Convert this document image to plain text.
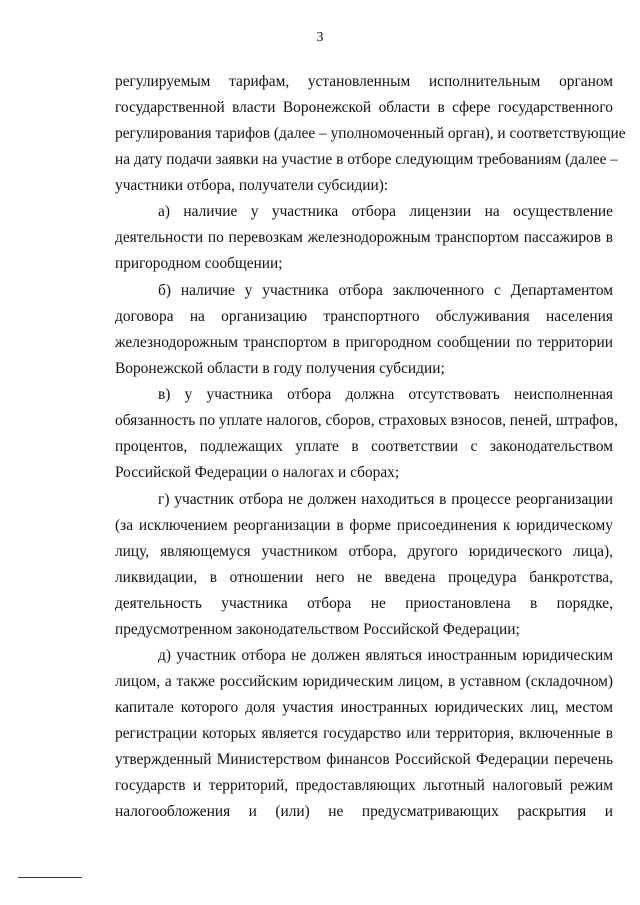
3
регулируемым тарифам, установленным исполнительным органом
государственной власти Воронежской области в сфере государственного
регулирования тарифов (далее – уполномоченный орган), и соответствующие
на дату подачи заявки на участие в отборе следующим требованиям (далее –
участники отбора, получатели субсидии):
а) наличие у участника отбора лицензии на осуществление
деятельности по перевозкам железнодорожным транспортом пассажиров в
пригородном сообщении;
б) наличие у участника отбора заключенного с Департаментом
договора на организацию транспортного обслуживания населения
железнодорожным транспортом в пригородном сообщении по территории
Воронежской области в году получения субсидии;
в) у участника отбора должна отсутствовать неисполненная
обязанность по уплате налогов, сборов, страховых взносов, пеней, штрафов,
процентов, подлежащих уплате в соответствии с законодательством
Российской Федерации о налогах и сборах;
г) участник отбора не должен находиться в процессе реорганизации
(за исключением реорганизации в форме присоединения к юридическому
лицу, являющемуся участником отбора, другого юридического лица),
ликвидации, в отношении него не введена процедура банкротства,
деятельность участника отбора не приостановлена в порядке,
предусмотренном законодательством Российской Федерации;
д) участник отбора не должен являться иностранным юридическим
лицом, а также российским юридическим лицом, в уставном (складочном)
капитале которого доля участия иностранных юридических лиц, местом
регистрации которых является государство или территория, включенные в
утвержденный Министерством финансов Российской Федерации перечень
государств и территорий, предоставляющих льготный налоговый режим
налогообложения и (или) не предусматривающих раскрытия и
